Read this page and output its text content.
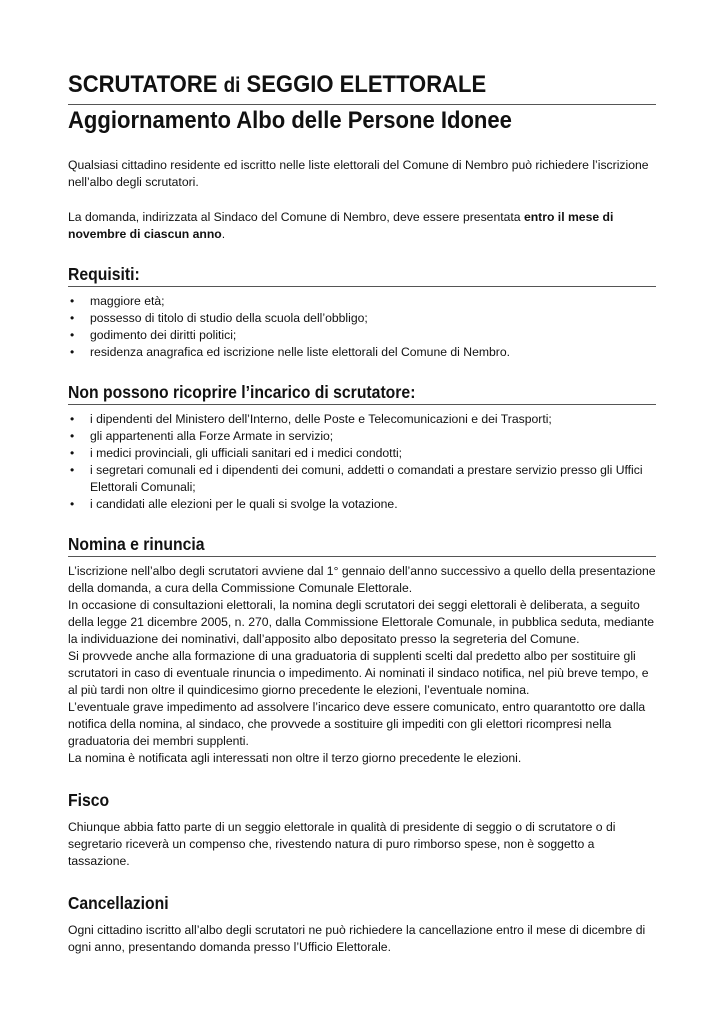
SCRUTATORE di SEGGIO ELETTORALE
Aggiornamento Albo delle Persone Idonee

Qualsiasi cittadino residente ed iscritto nelle liste elettorali del Comune di Nembro può richiedere l’iscrizione nell’albo degli scrutatori.

La domanda, indirizzata al Sindaco del Comune di Nembro, deve essere presentata entro il mese di novembre di ciascun anno.

Requisiti:
• maggiore età;
• possesso di titolo di studio della scuola dell’obbligo;
• godimento dei diritti politici;
• residenza anagrafica ed iscrizione nelle liste elettorali del Comune di Nembro.
Non possono ricoprire l’incarico di scrutatore:
• i dipendenti del Ministero dell’Interno, delle Poste e Telecomunicazioni e dei Trasporti;
• gli appartenenti alla Forze Armate in servizio;
• i medici provinciali, gli ufficiali sanitari ed i medici condotti;
• i segretari comunali ed i dipendenti dei comuni, addetti o comandati a prestare servizio presso gli Uffici Elettorali Comunali;
• i candidati alle elezioni per le quali si svolge la votazione.
Nomina e rinuncia

L’iscrizione nell’albo degli scrutatori avviene dal 1° gennaio dell’anno successivo a quello della presentazione della domanda, a cura della Commissione Comunale Elettorale.

In occasione di consultazioni elettorali, la nomina degli scrutatori dei seggi elettorali è deliberata, a seguito della legge 21 dicembre 2005, n. 270, dalla Commissione Elettorale Comunale, in pubblica seduta, mediante la individuazione dei nominativi, dall’apposito albo depositato presso la segreteria del Comune.

Si provvede anche alla formazione di una graduatoria di supplenti scelti dal predetto albo per sostituire gli scrutatori in caso di eventuale rinuncia o impedimento. Ai nominati il sindaco notifica, nel più breve tempo, e al più tardi non oltre il quindicesimo giorno precedente le elezioni, l’eventuale nomina.

L’eventuale grave impedimento ad assolvere l’incarico deve essere comunicato, entro quarantotto ore dalla notifica della nomina, al sindaco, che provvede a sostituire gli impediti con gli elettori ricompresi nella graduatoria dei membri supplenti.

La nomina è notificata agli interessati non oltre il terzo giorno precedente le elezioni.

Fisco

Chiunque abbia fatto parte di un seggio elettorale in qualità di presidente di seggio o di scrutatore o di segretario riceverà un compenso che, rivestendo natura di puro rimborso spese, non è soggetto a tassazione.

Cancellazioni

Ogni cittadino iscritto all’albo degli scrutatori ne può richiedere la cancellazione entro il mese di dicembre di ogni anno, presentando domanda presso l’Ufficio Elettorale.
